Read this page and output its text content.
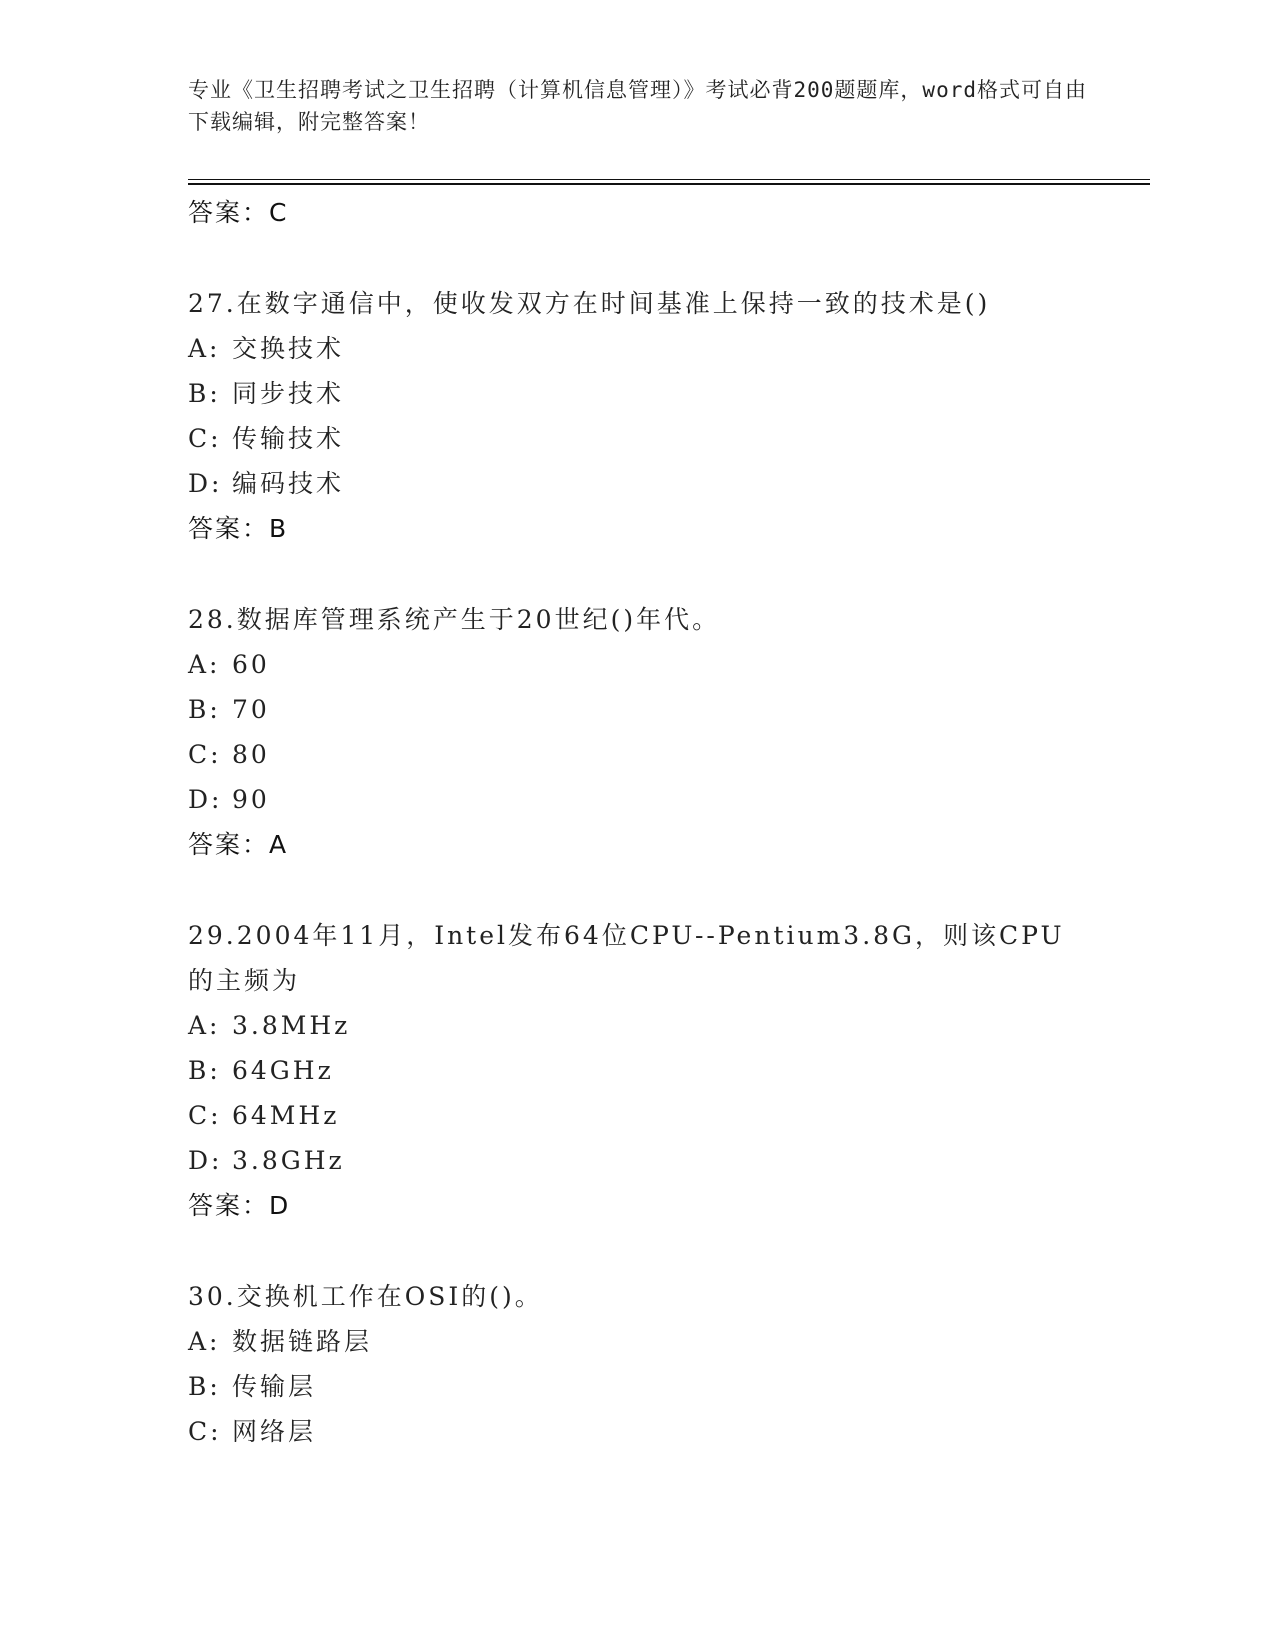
专业《卫生招聘考试之卫生招聘（计算机信息管理）》考试必背200题题库，word格式可自由下载编辑，附完整答案！
答案：C
27.在数字通信中，使收发双方在时间基准上保持一致的技术是()
A: 交换技术
B: 同步技术
C: 传输技术
D: 编码技术
答案：B
28.数据库管理系统产生于20世纪()年代。
A: 60
B: 70
C: 80
D: 90
答案：A
29.2004年11月，Intel发布64位CPU--Pentium3.8G，则该CPU的主频为
A: 3.8MHz
B: 64GHz
C: 64MHz
D: 3.8GHz
答案：D
30.交换机工作在OSI的()。
A: 数据链路层
B: 传输层
C: 网络层
